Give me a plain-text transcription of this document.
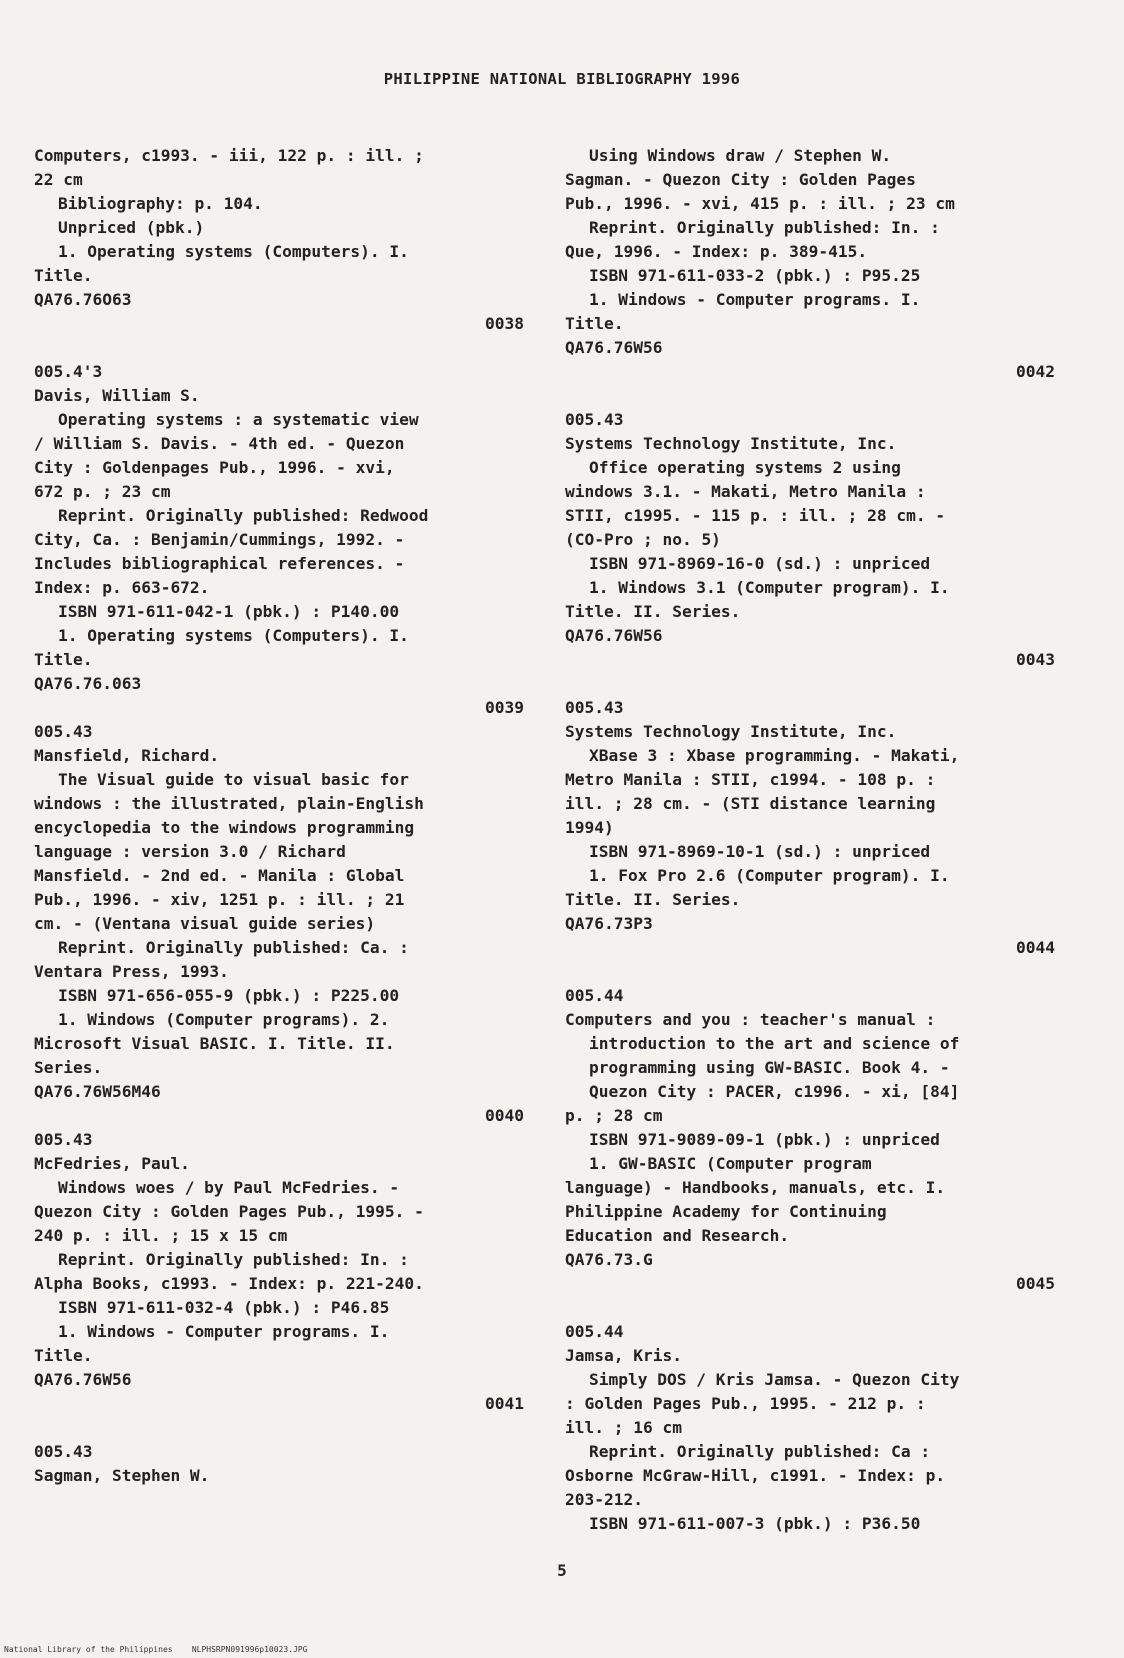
PHILIPPINE NATIONAL BIBLIOGRAPHY 1996
Computers, c1993. - iii, 122 p. : ill. ;
22 cm
Bibliography: p. 104.
Unpriced (pbk.)
1. Operating systems (Computers). I.
Title.
QA76.76O63
0038
005.4'3
Davis, William S.
Operating systems : a systematic view
/ William S. Davis. - 4th ed. - Quezon
City : Goldenpages Pub., 1996. - xvi,
672 p. ; 23 cm
Reprint. Originally published: Redwood
City, Ca. : Benjamin/Cummings, 1992. -
Includes bibliographical references. -
Index: p. 663-672.
ISBN 971-611-042-1 (pbk.) : P140.00
1. Operating systems (Computers). I.
Title.
QA76.76.063
0039
005.43
Mansfield, Richard.
The Visual guide to visual basic for
windows : the illustrated, plain-English
encyclopedia to the windows programming
language : version 3.0 / Richard
Mansfield. - 2nd ed. - Manila : Global
Pub., 1996. - xiv, 1251 p. : ill. ; 21
cm. - (Ventana visual guide series)
Reprint. Originally published: Ca. :
Ventara Press, 1993.
ISBN 971-656-055-9 (pbk.) : P225.00
1. Windows (Computer programs). 2.
Microsoft Visual BASIC. I. Title. II.
Series.
QA76.76W56M46
0040
005.43
McFedries, Paul.
Windows woes / by Paul McFedries. -
Quezon City : Golden Pages Pub., 1995. -
240 p. : ill. ; 15 x 15 cm
Reprint. Originally published: In. :
Alpha Books, c1993. - Index: p. 221-240.
ISBN 971-611-032-4 (pbk.) : P46.85
1. Windows - Computer programs. I.
Title.
QA76.76W56
0041
005.43
Sagman, Stephen W.
Using Windows draw / Stephen W.
Sagman. - Quezon City : Golden Pages
Pub., 1996. - xvi, 415 p. : ill. ; 23 cm
Reprint. Originally published: In. :
Que, 1996. - Index: p. 389-415.
ISBN 971-611-033-2 (pbk.) : P95.25
1. Windows - Computer programs. I.
Title.
QA76.76W56
0042
005.43
Systems Technology Institute, Inc.
Office operating systems 2 using
windows 3.1. - Makati, Metro Manila :
STII, c1995. - 115 p. : ill. ; 28 cm. -
(CO-Pro ; no. 5)
ISBN 971-8969-16-0 (sd.) : unpriced
1. Windows 3.1 (Computer program). I.
Title. II. Series.
QA76.76W56
0043
005.43
Systems Technology Institute, Inc.
XBase 3 : Xbase programming. - Makati,
Metro Manila : STII, c1994. - 108 p. :
ill. ; 28 cm. - (STI distance learning
1994)
ISBN 971-8969-10-1 (sd.) : unpriced
1. Fox Pro 2.6 (Computer program). I.
Title. II. Series.
QA76.73P3
0044
005.44
Computers and you : teacher's manual :
introduction to the art and science of
programming using GW-BASIC. Book 4. -
Quezon City : PACER, c1996. - xi, [84]
p. ; 28 cm
ISBN 971-9089-09-1 (pbk.) : unpriced
1. GW-BASIC (Computer program
language) - Handbooks, manuals, etc. I.
Philippine Academy for Continuing
Education and Research.
QA76.73.G
0045
005.44
Jamsa, Kris.
Simply DOS / Kris Jamsa. - Quezon City
: Golden Pages Pub., 1995. - 212 p. :
ill. ; 16 cm
Reprint. Originally published: Ca :
Osborne McGraw-Hill, c1991. - Index: p.
203-212.
ISBN 971-611-007-3 (pbk.) : P36.50
5
National Library of the Philippines NLPHSRPN091996p10023.JPG
